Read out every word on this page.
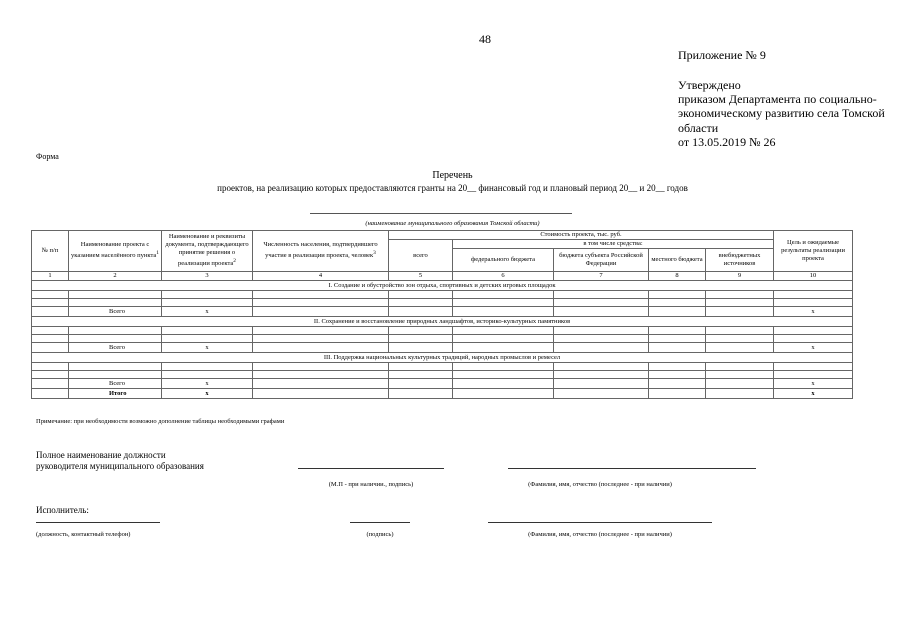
48
Приложение № 9
Утверждено
приказом Департамента по социально-
экономическому развитию села Томской
области
от 13.05.2019 № 26
Форма
Перечень
проектов, на реализацию которых предоставляются гранты на 20__ финансовый год и плановый период 20__ и 20__ годов
(наименование муниципального образования Томской области)
№ п/п	Наименование проекта с указанием населённого пункта$^1$	Наименование и реквизиты документа, подтверждающего принятие решения о реализации проекта$^2$	Численность населения, подтвердившего участие в реализации проекта, человек$^3$	Стоимость проекта, тыс. руб.					Цель и ожидаемые результаты реализации проекта
				всего	в том числе средства:				
					федерального бюджета	бюджета субъекта Российской Федерации	местного бюджета	внебюджетных источников	
1	2	3	4	5	6	7	8	9	10
I. Создание и обустройство зон отдыха, спортивных и детских игровых площадок									

	Всего	х							х
II. Сохранение и восстановление природных ландшафтов, историко-культурных памятников									

	Всего	х							х
III. Поддержка национальных культурных традиций, народных промыслов и ремесел									

	Всего	х							х
	Итого	х							х
Примечание: при необходимости возможно дополнение таблицы необходимыми графами
Полное наименование должности
руководителя муниципального образования
(М.П - при наличии., подпись)	(Фамилия, имя, отчество (последнее - при наличии)
Исполнитель:
(должность, контактный телефон)	(подпись)	(Фамилия, имя, отчество (последнее - при наличии)
